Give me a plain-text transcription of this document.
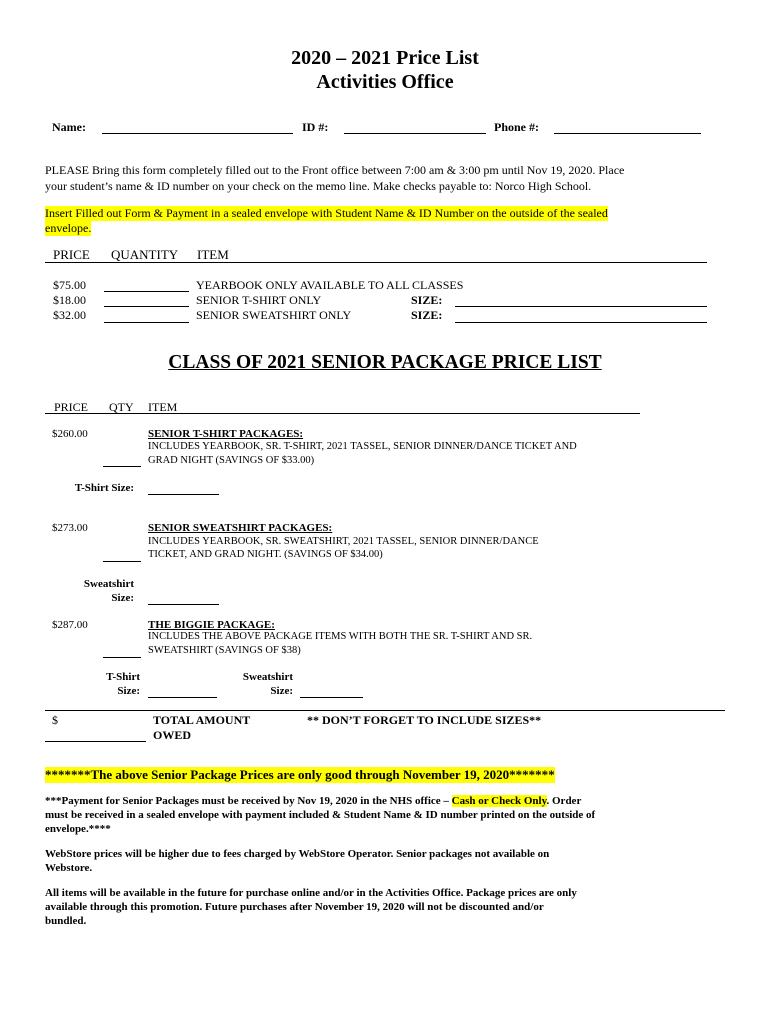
2020 – 2021 Price List
Activities Office
Name:	ID #:	Phone #:
PLEASE Bring this form completely filled out to the Front office between 7:00 am & 3:00 pm until Nov 19, 2020. Place
your student’s name & ID number on your check on the memo line. Make checks payable to: Norco High School.
Insert Filled out Form & Payment in a sealed envelope with Student Name & ID Number on the outside of the sealed
envelope.
PRICE QUANTITY ITEM
$75.00	YEARBOOK ONLY AVAILABLE TO ALL CLASSES
$18.00	SENIOR T-SHIRT ONLY	SIZE:
$32.00	SENIOR SWEATSHIRT ONLY	SIZE:
CLASS OF 2021 SENIOR PACKAGE PRICE LIST
PRICE QTY ITEM
$260.00	SENIOR T-SHIRT PACKAGES:
INCLUDES YEARBOOK, SR. T-SHIRT, 2021 TASSEL, SENIOR DINNER/DANCE TICKET AND
GRAD NIGHT (SAVINGS OF $33.00)
T-Shirt Size:
$273.00	SENIOR SWEATSHIRT PACKAGES:
INCLUDES YEARBOOK, SR. SWEATSHIRT, 2021 TASSEL, SENIOR DINNER/DANCE
TICKET, AND GRAD NIGHT. (SAVINGS OF $34.00)
Sweatshirt
Size:
$287.00	THE BIGGIE PACKAGE:
INCLUDES THE ABOVE PACKAGE ITEMS WITH BOTH THE SR. T-SHIRT AND SR.
SWEATSHIRT (SAVINGS OF $38)
T-Shirt
Size:
Sweatshirt
Size:
$	TOTAL AMOUNT
OWED
** DON’T FORGET TO INCLUDE SIZES**
*******The above Senior Package Prices are only good through November 19, 2020*******
***Payment for Senior Packages must be received by Nov 19, 2020 in the NHS office – Cash or Check Only. Order
must be received in a sealed envelope with payment included & Student Name & ID number printed on the outside of
envelope.****
WebStore prices will be higher due to fees charged by WebStore Operator. Senior packages not available on
Webstore.
All items will be available in the future for purchase online and/or in the Activities Office. Package prices are only
available through this promotion. Future purchases after November 19, 2020 will not be discounted and/or
bundled.
